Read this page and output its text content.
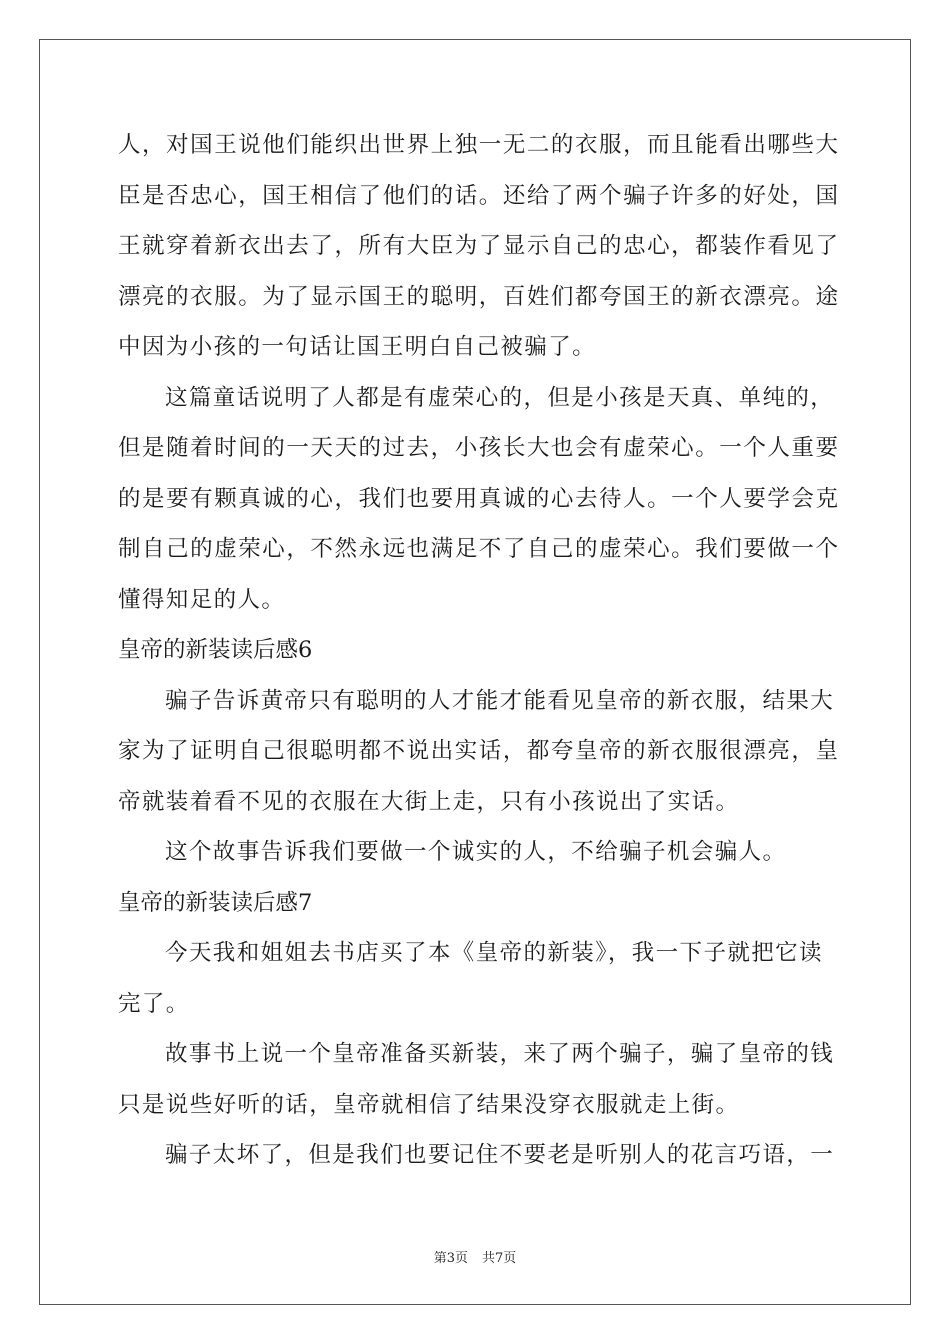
人，对国王说他们能织出世界上独一无二的衣服，而且能看出哪些大
臣是否忠心，国王相信了他们的话。还给了两个骗子许多的好处，国
王就穿着新衣出去了，所有大臣为了显示自己的忠心，都装作看见了
漂亮的衣服。为了显示国王的聪明，百姓们都夸国王的新衣漂亮。途
中因为小孩的一句话让国王明白自己被骗了。
这篇童话说明了人都是有虚荣心的，但是小孩是天真、单纯的，
但是随着时间的一天天的过去，小孩长大也会有虚荣心。一个人重要
的是要有颗真诚的心，我们也要用真诚的心去待人。一个人要学会克
制自己的虚荣心，不然永远也满足不了自己的虚荣心。我们要做一个
懂得知足的人。
皇帝的新装读后感6
骗子告诉黄帝只有聪明的人才能才能看见皇帝的新衣服，结果大
家为了证明自己很聪明都不说出实话，都夸皇帝的新衣服很漂亮，皇
帝就装着看不见的衣服在大街上走，只有小孩说出了实话。
这个故事告诉我们要做一个诚实的人，不给骗子机会骗人。
皇帝的新装读后感7
今天我和姐姐去书店买了本《皇帝的新装》，我一下子就把它读
完了。
故事书上说一个皇帝准备买新装，来了两个骗子，骗了皇帝的钱
只是说些好听的话，皇帝就相信了结果没穿衣服就走上街。
骗子太坏了，但是我们也要记住不要老是听别人的花言巧语，一
第3页 共7页
